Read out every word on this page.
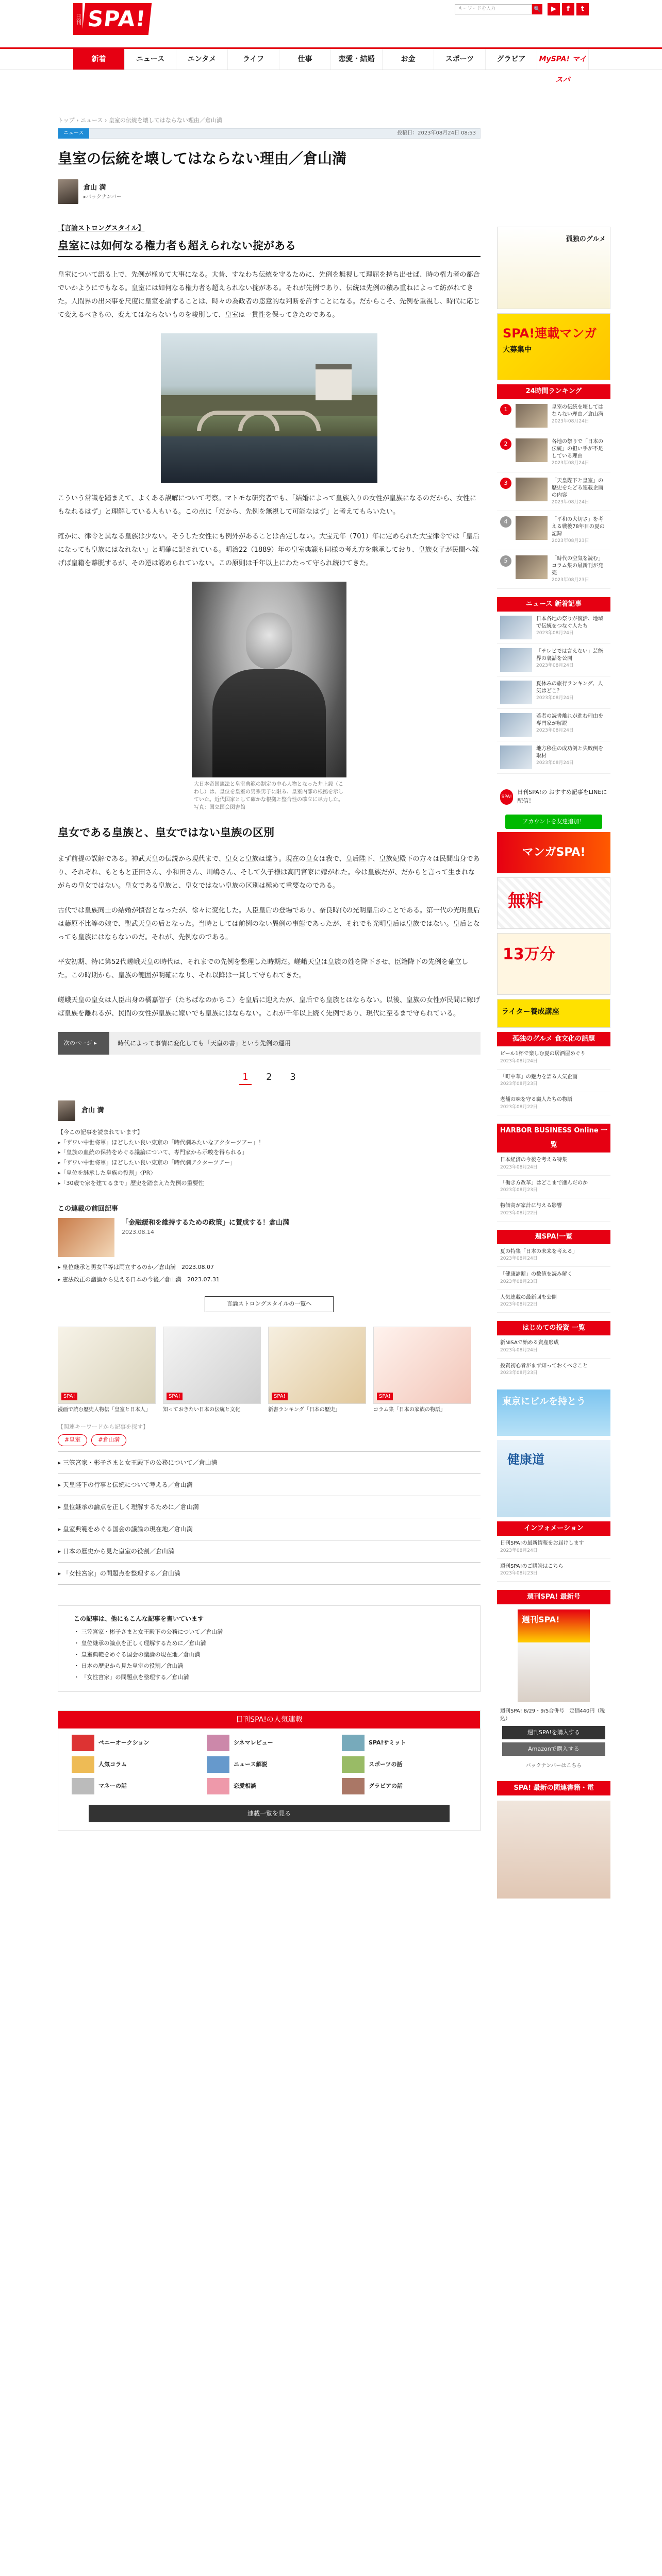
日刊 SPA!	キーワードを入力	🔍	▶	f	t
新着	ニュース	エンタメ	ライフ	仕事	恋愛・結婚	お金	スポーツ	グラビア	MySPA! マイスパ
トップ › ニュース › 皇室の伝統を壊してはならない理由／倉山満
ニュース	投稿日：2023年08月24日 08:53
皇室の伝統を壊してはならない理由／倉山満
倉山 満
▸バックナンバー
【言論ストロングスタイル】
皇室には如何なる権力者も超えられない掟がある

皇室について語る上で、先例が極めて大事になる。大昔、すなわち伝統を守るために、先例を無視して理屈を持ち出せば、時の権力者の都合でいかようにでもなる。皇室には如何なる権力者も超えられない掟がある。それが先例であり、伝統は先例の積み重ねによって紡がれてきた。人間界の出来事を尺度に皇室を論ずることは、時々の為政者の恣意的な判断を許すことになる。だからこそ、先例を重視し、時代に応じて変えるべきもの、変えてはならないものを峻別して、皇室は一貫性を保ってきたのである。

こういう常識を踏まえて、よくある誤解について考察。マトモな研究者でも、「結婚によって皇族入りの女性が皇族になるのだから、女性にもなれるはず」と理解している人もいる。この点に「だから、先例を無視して可能なはず」と考えてもらいたい。

確かに、律令と異なる皇族は少ない。そうした女性にも例外があることは否定しない。大宝元年（701）年に定められた大宝律令では「皇后になっても皇族にはなれない」と明確に記されている。明治22（1889）年の皇室典範も同様の考え方を継承しており、皇族女子が民間へ嫁げば皇籍を離脱するが、その逆は認められていない。この原則は千年以上にわたって守られ続けてきた。

大日本帝国憲法と皇室典範の制定の中心人物となった井上毅（こわし）は、皇位を皇室の男系男子に限る、皇室内部の根拠を示していた。近代国家として確かな根拠と整合性の確立に尽力した。写真：国立国会図書館
皇女である皇族と、皇女ではない皇族の区別

まず前提の誤解である。神武天皇の伝説から現代まで、皇女と皇族は違う。現在の皇女は我で、皇后陛下、皇族妃殿下の方々は民間出身であり、それぞれ、もともと正田さん、小和田さん、川嶋さん、そして久子様は高円宮家に嫁がれた。今は皇族だが、だからと言って生まれながらの皇女ではない。皇女である皇族と、皇女ではない皇族の区別は極めて重要なのである。

古代では皇族同士の結婚が慣習となったが、徐々に変化した。人臣皇后の登場であり、奈良時代の光明皇后のことである。第一代の光明皇后は藤原不比等の娘で、聖武天皇の后となった。当時としては前例のない異例の事態であったが、それでも光明皇后は皇族ではない。皇后となっても皇族にはならないのだ。それが、先例なのである。

平安初期、特に第52代嵯峨天皇の時代は、それまでの先例を整理した時期だ。嵯峨天皇は皇族の姓を降下させ、臣籍降下の先例を確立した。この時期から、皇族の範囲が明確になり、それ以降は一貫して守られてきた。

嵯峨天皇の皇女は人臣出身の橘嘉智子（たちばなのかちこ）を皇后に迎えたが、皇后でも皇族とはならない。以後、皇族の女性が民間に嫁げば皇族を離れるが、民間の女性が皇族に嫁いでも皇族にはならない。これが千年以上続く先例であり、現代に至るまで守られている。

次のページ ▸	時代によって事情に変化しても「天皇の書」という先例の運用
1	2	3
倉山 満
【今この記事を読まれています】
▸「ザワい中世将軍」ほどしたい良い東京の「時代劇みたいなアクターツアー」！
▸「皇族の血統の保持をめぐる議論について、専門家から示唆を得られる」
▸「ザワい中世将軍」ほどしたい良い東京の「時代劇アクターツアー」
▸「皇位を継承した皇族の役割」〈PR〉
▸「30歳で家を建てるまで」歴史を踏まえた先例の重要性
この連載の前回記事
「金融緩和を維持するための政策」に賛成する！倉山満
2023.08.14
▸ 皇位継承と男女平等は両立するのか／倉山満　2023.08.07
▸ 憲法改正の議論から見える日本の今後／倉山満　2023.07.31
言論ストロングスタイルの一覧へ
SPA!
漫画で読む歴史人物伝「皇室と日本人」
SPA!
知っておきたい日本の伝統と文化
SPA!
新書ランキング「日本の歴史」
SPA!
コラム集「日本の家族の物語」
【関連キーワードから記事を探す】
#皇室	#倉山満
▸ 三笠宮家・彬子さまと女王殿下の公務について／倉山満
▸ 天皇陛下の行事と伝統について考える／倉山満
▸ 皇位継承の論点を正しく理解するために／倉山満
▸ 皇室典範をめぐる国会の議論の現在地／倉山満
▸ 日本の歴史から見た皇室の役割／倉山満
▸ 「女性宮家」の問題点を整理する／倉山満
この記事は、他にもこんな記事を書いています
・ 三笠宮家・彬子さまと女王殿下の公務について／倉山満
・ 皇位継承の論点を正しく理解するために／倉山満
・ 皇室典範をめぐる国会の議論の現在地／倉山満
・ 日本の歴史から見た皇室の役割／倉山満
・ 「女性宮家」の問題点を整理する／倉山満
日刊SPA!の人気連載
ペニーオークション	シネマレビュー	SPA!サミット
人気コラム	ニュース解説	スポーツの話
マネーの話	恋愛相談	グラビアの話
連載一覧を見る
孤独のグルメ
SPA!連載マンガ
大募集中
24時間ランキング
1	皇室の伝統を壊してはならない理由／倉山満
2023年08月24日
2	各地の祭りで「日本の伝統」の担い手が不足している理由
2023年08月24日
3	「天皇陛下と皇室」の歴史をたどる連載企画の内容
2023年08月24日
4	「平和の大切さ」を考える戦後78年目の夏の記録
2023年08月23日
5	「時代の空気を読む」コラム集の最新刊が発売
2023年08月23日
ニュース 新着記事
日本各地の祭りが復活、地域で伝統をつなぐ人たち
2023年08月24日
「テレビでは言えない」芸能界の裏話を公開
2023年08月24日
夏休みの旅行ランキング、人気はどこ？
2023年08月24日
若者の読書離れが進む理由を専門家が解説
2023年08月24日
地方移住の成功例と失敗例を取材
2023年08月24日
SPA!
日刊SPA!の おすすめ記事をLINEに配信！
アカウントを友達追加！
マンガSPA!
無料
13万分
ライター養成講座
孤独のグルメ 食文化の話題
ビール1杯で楽しむ夏の居酒屋めぐり
2023年08月24日
「町中華」の魅力を語る人気企画
2023年08月23日
老舗の味を守る職人たちの物語
2023年08月22日
HARBOR BUSINESS Online 一覧
日本経済の今後を考える特集
2023年08月24日
「働き方改革」はどこまで進んだのか
2023年08月23日
物価高が家計に与える影響
2023年08月22日
週SPA!一覧
夏の特集「日本の未来を考える」
2023年08月24日
「健康診断」の数値を読み解く
2023年08月23日
人気連載の最新回を公開
2023年08月22日
はじめての投資 一覧
新NISAで始める資産形成
2023年08月24日
投資初心者がまず知っておくべきこと
2023年08月23日
東京にビルを持とう
健康道
インフォメーション
日刊SPA!の最新情報をお届けします
2023年08月24日
週刊SPA!のご購読はこちら
2023年08月23日
週刊SPA! 最新号
週刊SPA!
週刊SPA! 8/29・9/5合併号　定価440円（税込）
週刊SPA!を購入する
Amazonで購入する
バックナンバーはこちら
SPA! 最新の関連書籍・電
